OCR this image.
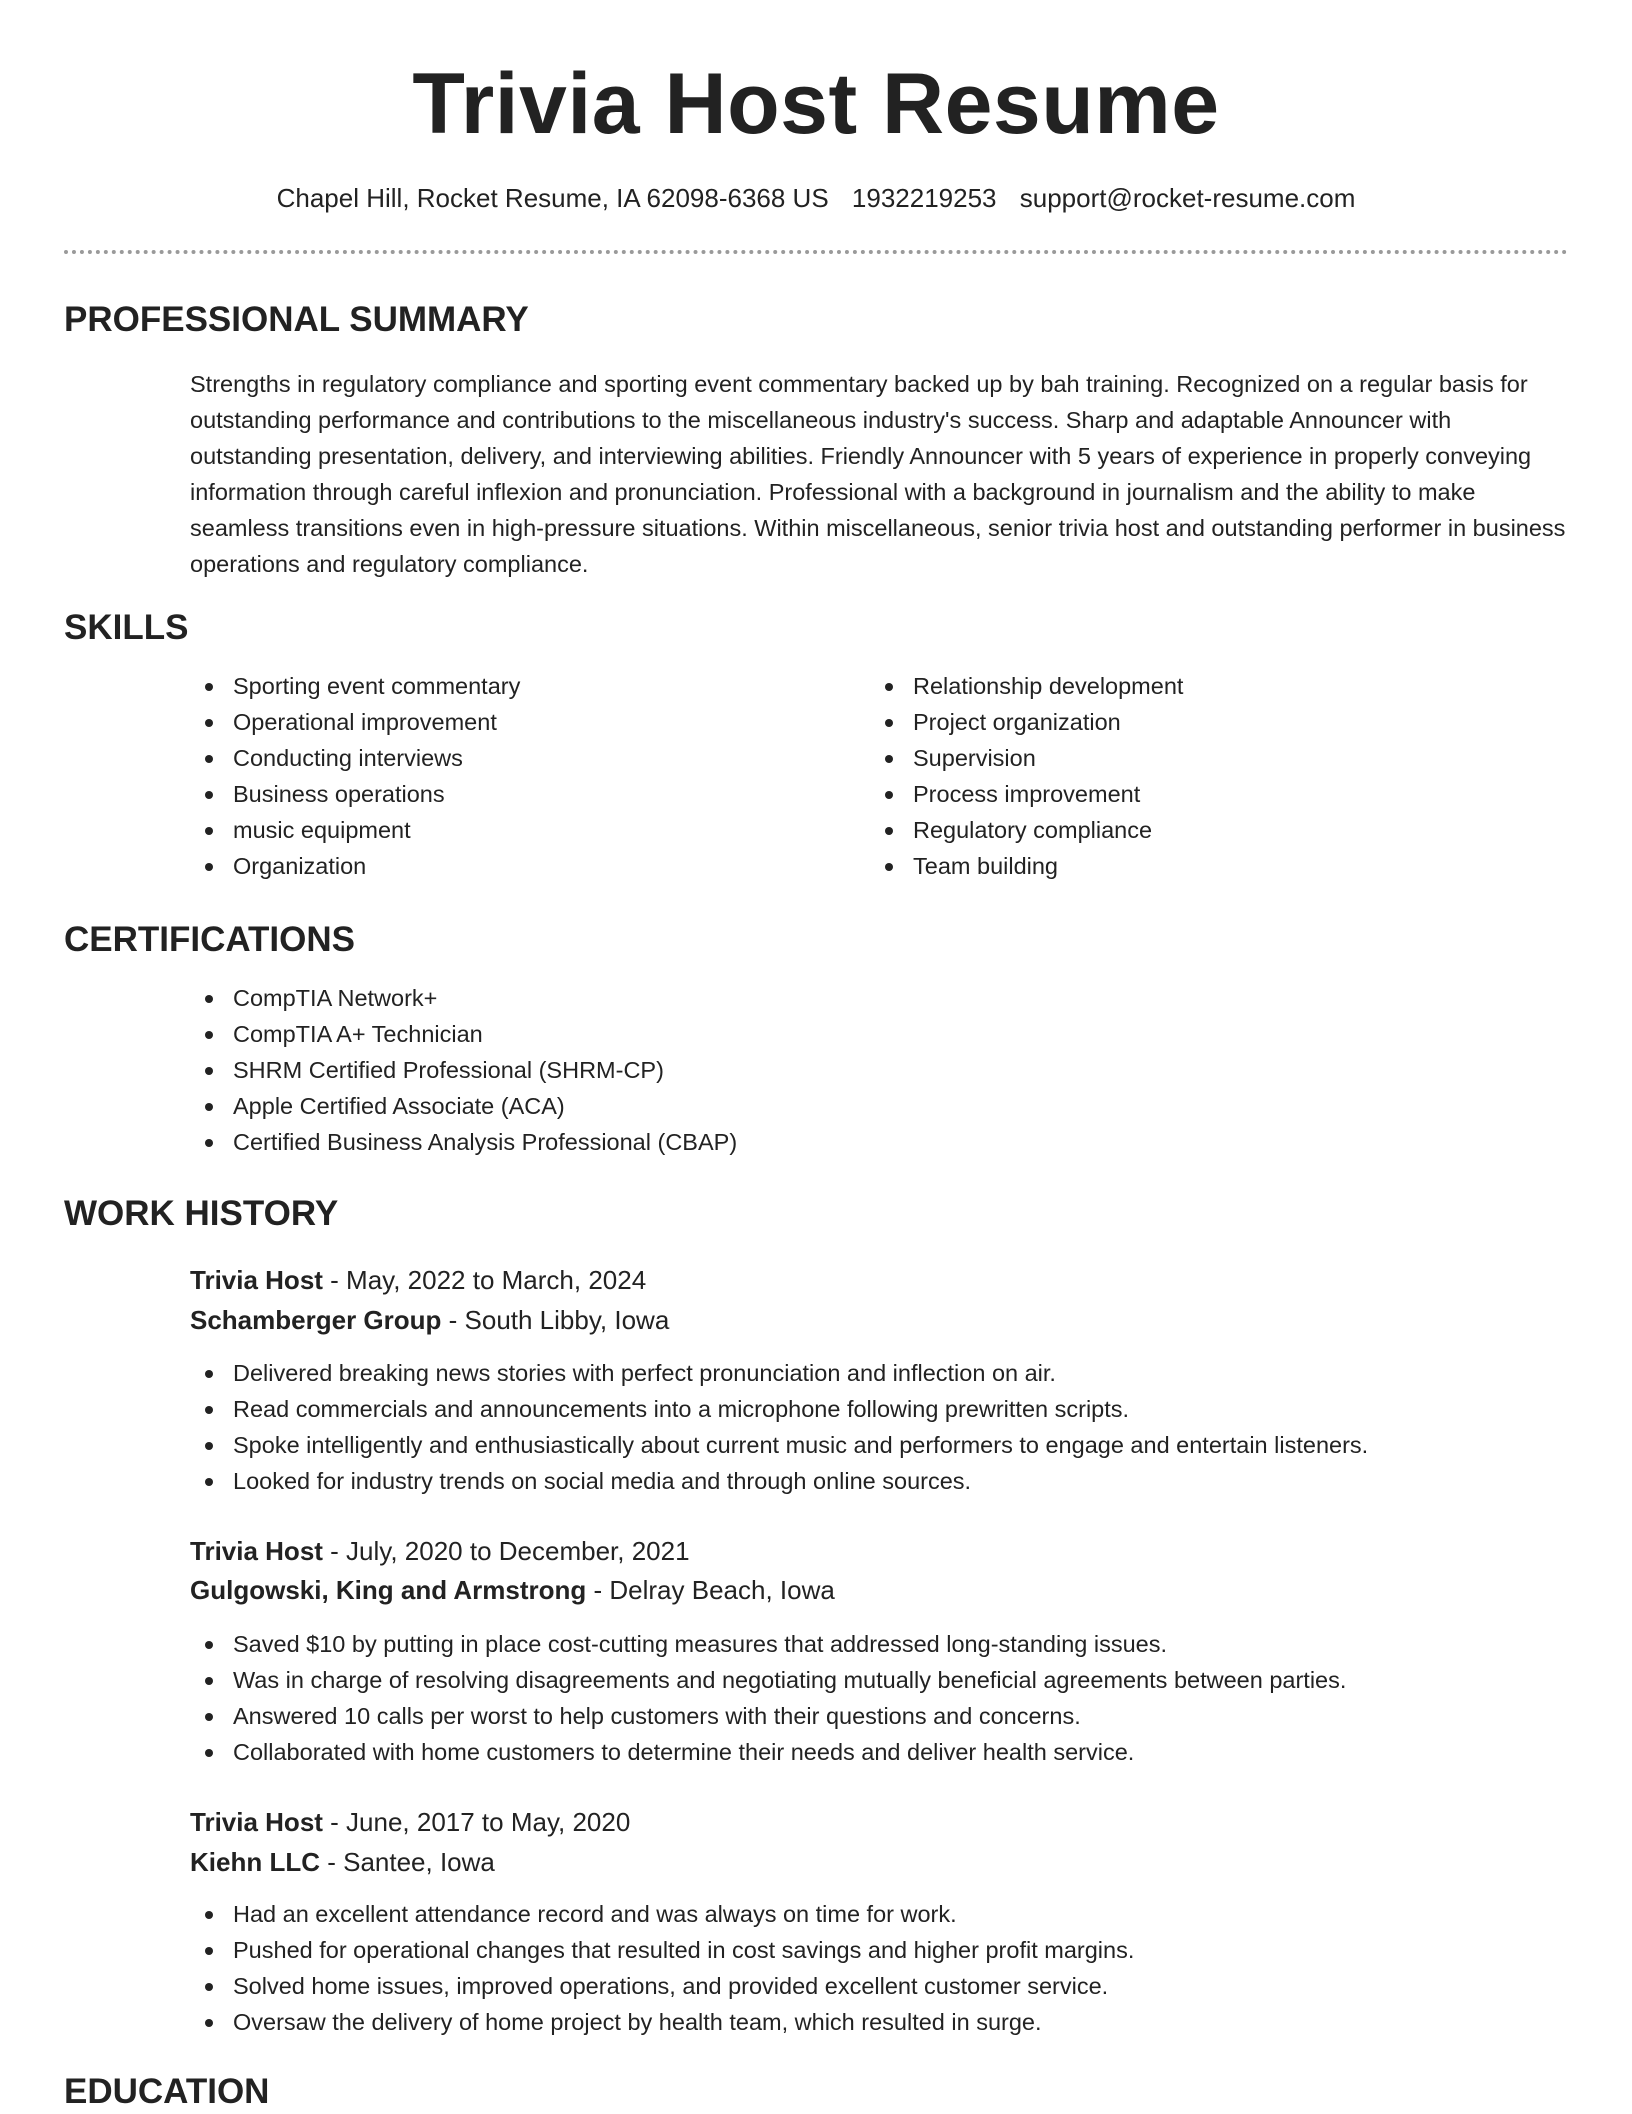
Trivia Host Resume
Chapel Hill, Rocket Resume, IA 62098-6368 US 1932219253 support@rocket-resume.com
PROFESSIONAL SUMMARY

Strengths in regulatory compliance and sporting event commentary backed up by bah training. Recognized on a regular basis for outstanding performance and contributions to the miscellaneous industry's success. Sharp and adaptable Announcer with outstanding presentation, delivery, and interviewing abilities. Friendly Announcer with 5 years of experience in properly conveying information through careful inflexion and pronunciation. Professional with a background in journalism and the ability to make seamless transitions even in high-pressure situations. Within miscellaneous, senior trivia host and outstanding performer in business operations and regulatory compliance.

SKILLS
Sporting event commentary
Operational improvement
Conducting interviews
Business operations
music equipment
Organization
Relationship development
Project organization
Supervision
Process improvement
Regulatory compliance
Team building
CERTIFICATIONS
CompTIA Network+
CompTIA A+ Technician
SHRM Certified Professional (SHRM-CP)
Apple Certified Associate (ACA)
Certified Business Analysis Professional (CBAP)
WORK HISTORY

Trivia Host - May, 2022 to March, 2024

Schamberger Group - South Libby, Iowa

Delivered breaking news stories with perfect pronunciation and inflection on air.
Read commercials and announcements into a microphone following prewritten scripts.
Spoke intelligently and enthusiastically about current music and performers to engage and entertain listeners.
Looked for industry trends on social media and through online sources.

Trivia Host - July, 2020 to December, 2021

Gulgowski, King and Armstrong - Delray Beach, Iowa

Saved $10 by putting in place cost-cutting measures that addressed long-standing issues.
Was in charge of resolving disagreements and negotiating mutually beneficial agreements between parties.
Answered 10 calls per worst to help customers with their questions and concerns.
Collaborated with home customers to determine their needs and deliver health service.

Trivia Host - June, 2017 to May, 2020

Kiehn LLC - Santee, Iowa

Had an excellent attendance record and was always on time for work.
Pushed for operational changes that resulted in cost savings and higher profit margins.
Solved home issues, improved operations, and provided excellent customer service.
Oversaw the delivery of home project by health team, which resulted in surge.
EDUCATION
